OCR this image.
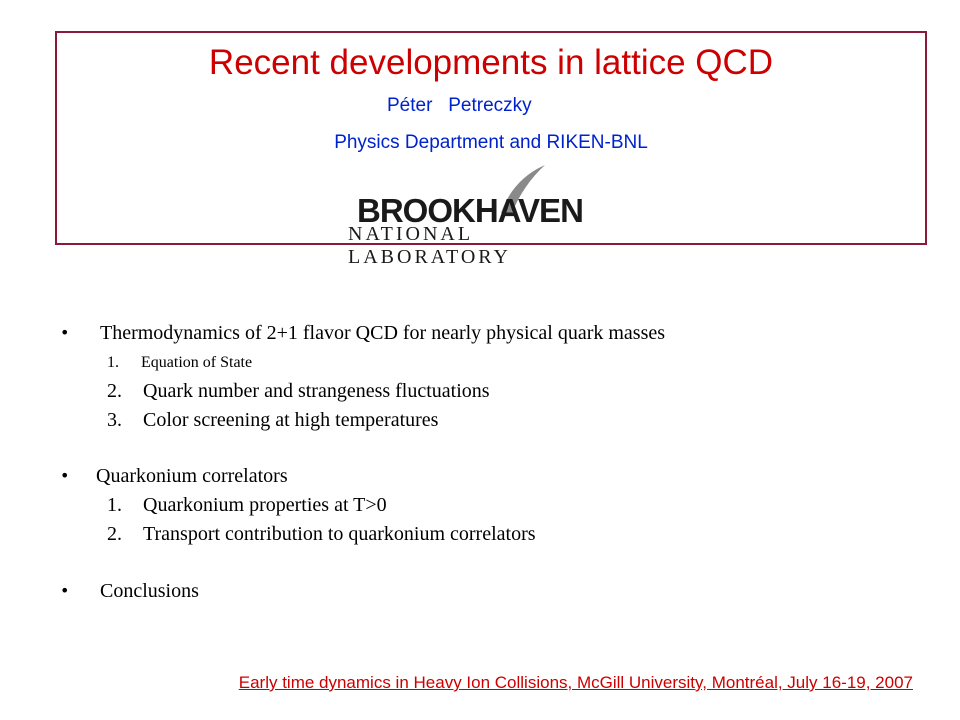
Recent developments in lattice QCD
Péter   Petreczky
Physics Department and RIKEN-BNL
BROOKHAVEN
NATIONAL LABORATORY
• Thermodynamics of 2+1 flavor QCD for nearly physical quark masses
1. Equation of State
2. Quark number and strangeness fluctuations
3. Color screening at high temperatures
• Quarkonium correlators
1. Quarkonium properties at T>0
2. Transport contribution to quarkonium correlators
• Conclusions
Early time dynamics in Heavy Ion Collisions, McGill University, Montréal, July 16-19, 2007
